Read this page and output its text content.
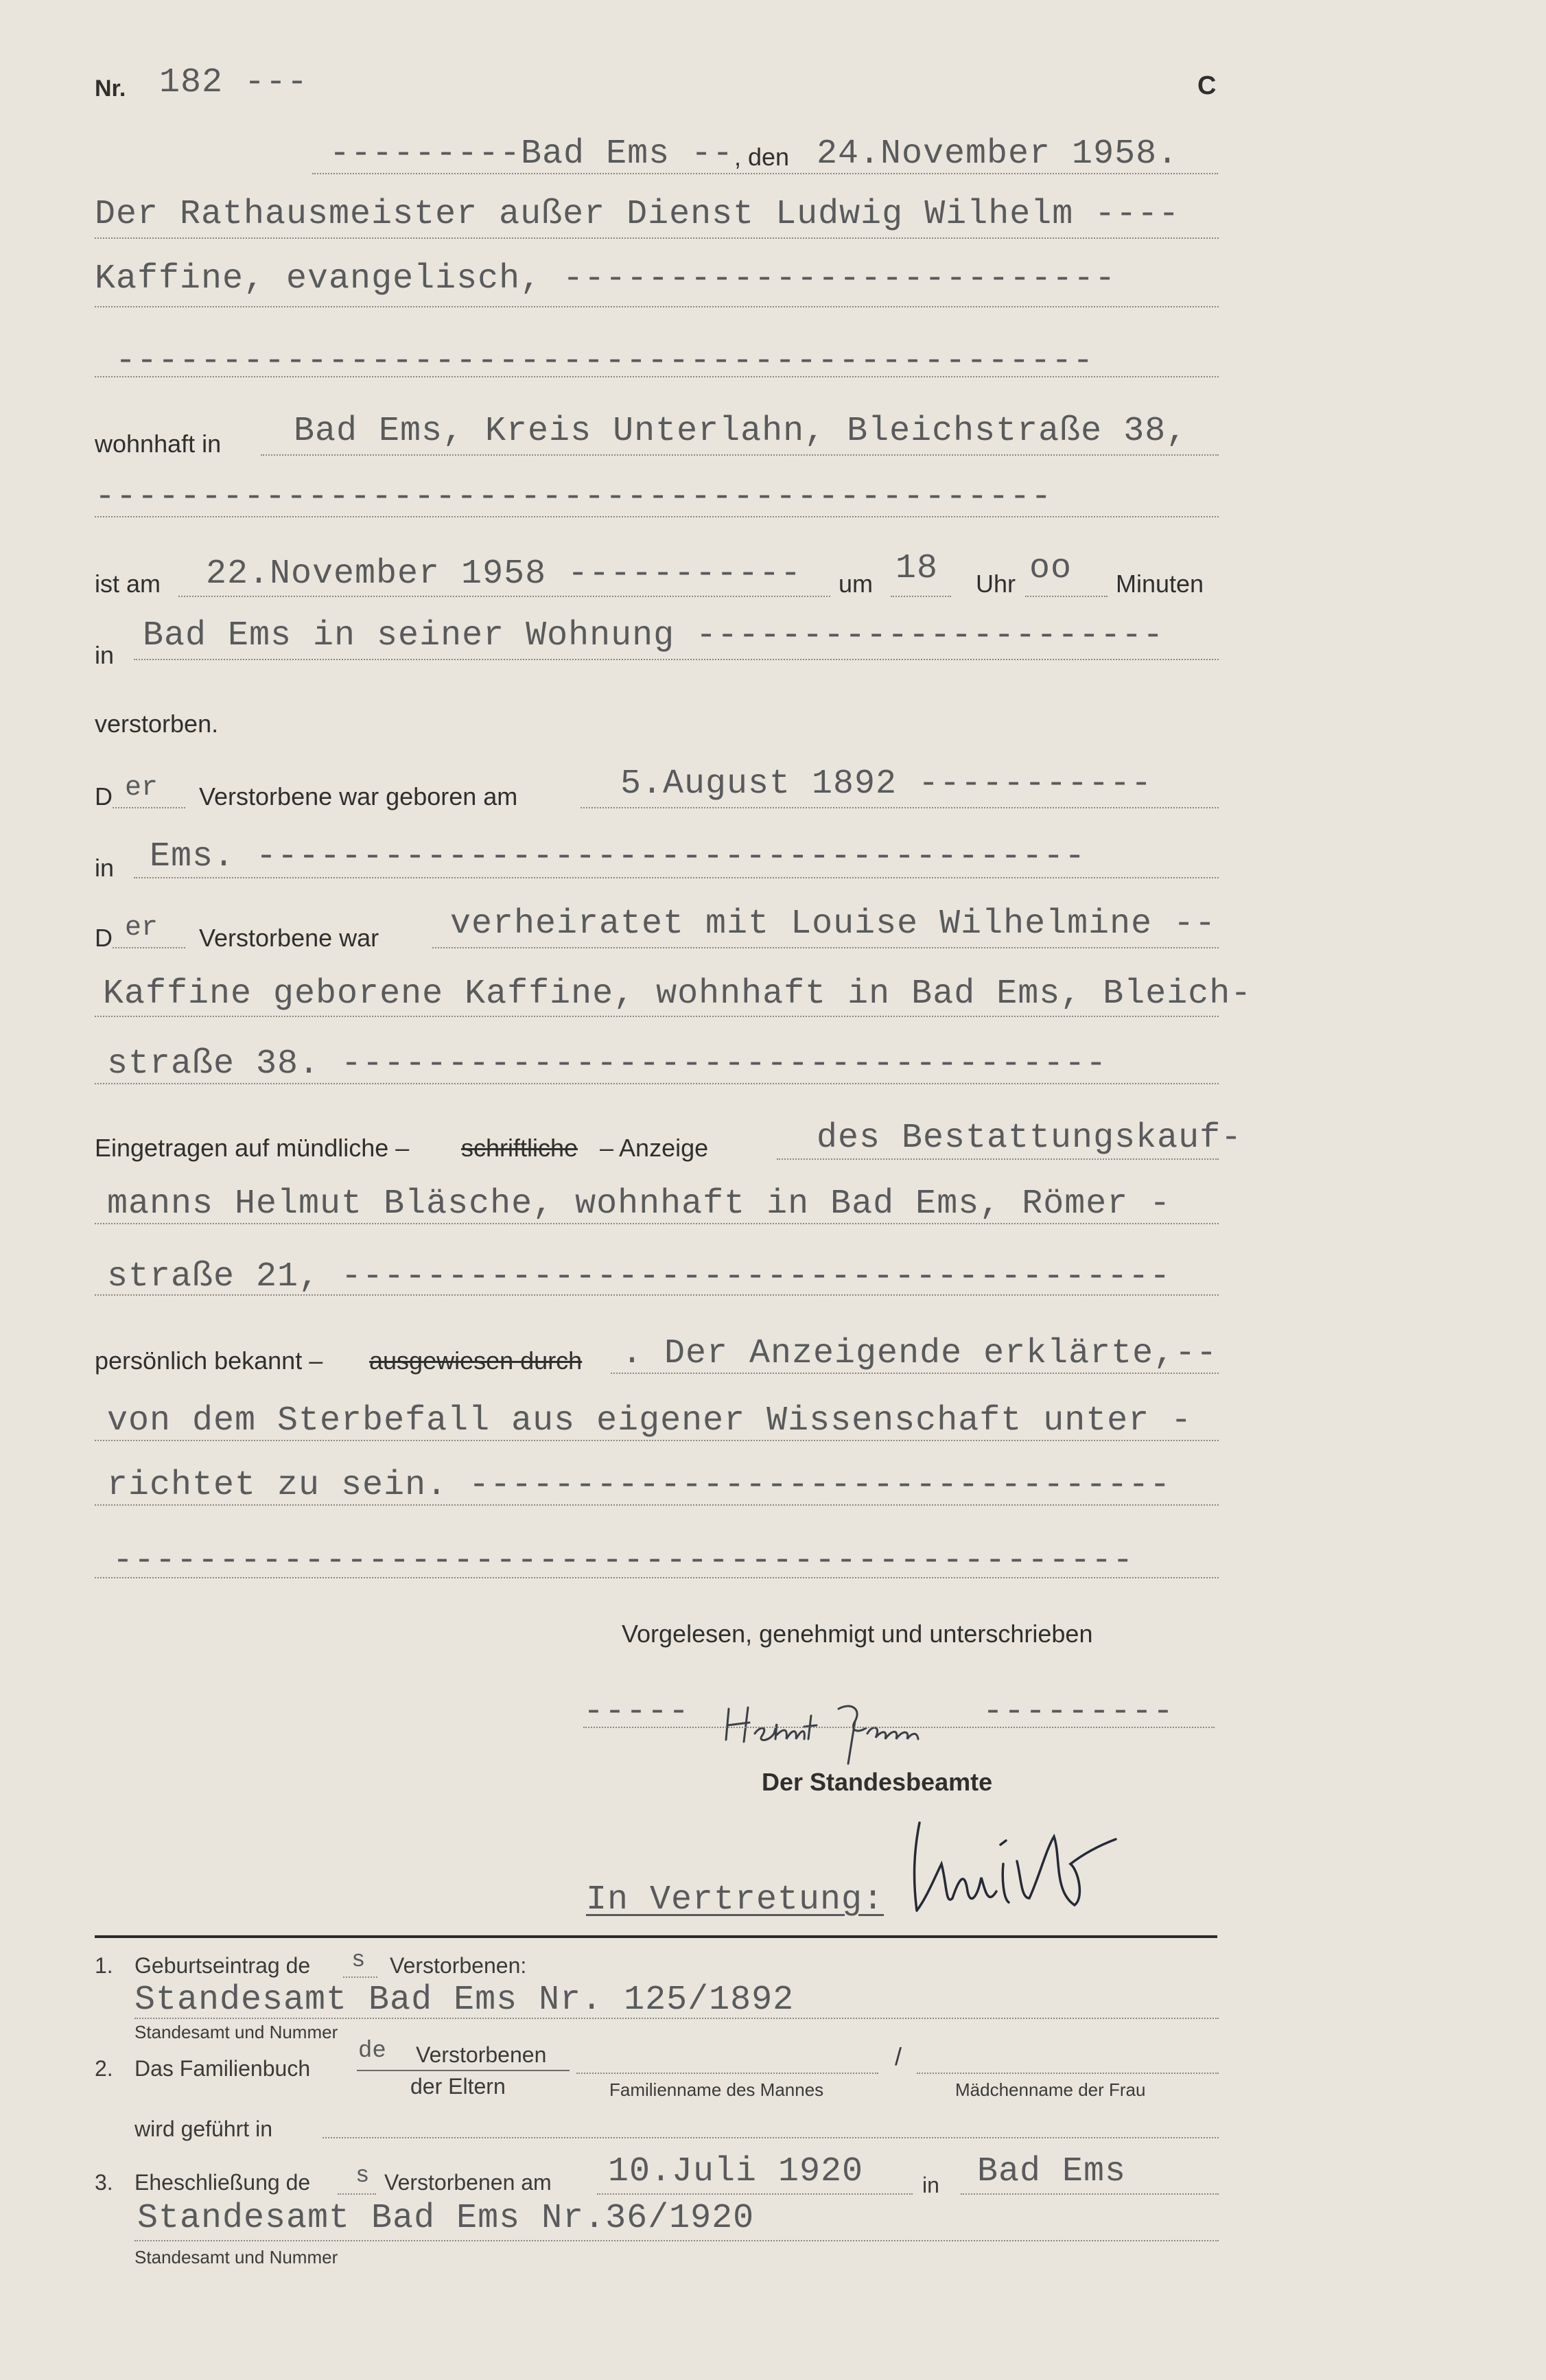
Nr. 182 ---	C
---------Bad Ems -- , den 24.November 1958.
Der Rathausmeister außer Dienst Ludwig Wilhelm ----
Kaffine, evangelisch, --------------------------
----------------------------------------------
wohnhaft in Bad Ems, Kreis Unterlahn, Bleichstraße 38,
---------------------------------------------
ist am 22.November 1958 ----------- um 18 Uhr oo Minuten
in Bad Ems in seiner Wohnung ----------------------
verstorben.
D er Verstorbene war geboren am	5.August 1892 -----------
in Ems. ---------------------------------------
D er Verstorbene war verheiratet mit Louise Wilhelmine --
Kaffine geborene Kaffine, wohnhaft in Bad Ems, Bleich-
straße 38. ------------------------------------
Eingetragen auf mündliche – schriftliche – Anzeige	des Bestattungskauf-
manns Helmut Bläsche, wohnhaft in Bad Ems, Römer -
straße 21, ---------------------------------------
persönlich bekannt – ausgewiesen durch . Der Anzeigende erklärte,--
von dem Sterbefall aus eigener Wissenschaft unter -
richtet zu sein. ---------------------------------
------------------------------------------------
Vorgelesen, genehmigt und unterschrieben
-----	---------
Der Standesbeamte
In Vertretung:
1. Geburtseintrag de s Verstorbenen:
Standesamt Bad Ems Nr. 125/1892
Standesamt und Nummer
2. Das Familienbuch
de Verstorbenen
der Eltern
/
Familienname des Mannes	Mädchenname der Frau
wird geführt in
3. Eheschließung de s Verstorbenen am 10.Juli 1920	in Bad Ems
Standesamt Bad Ems Nr.36/1920
Standesamt und Nummer
